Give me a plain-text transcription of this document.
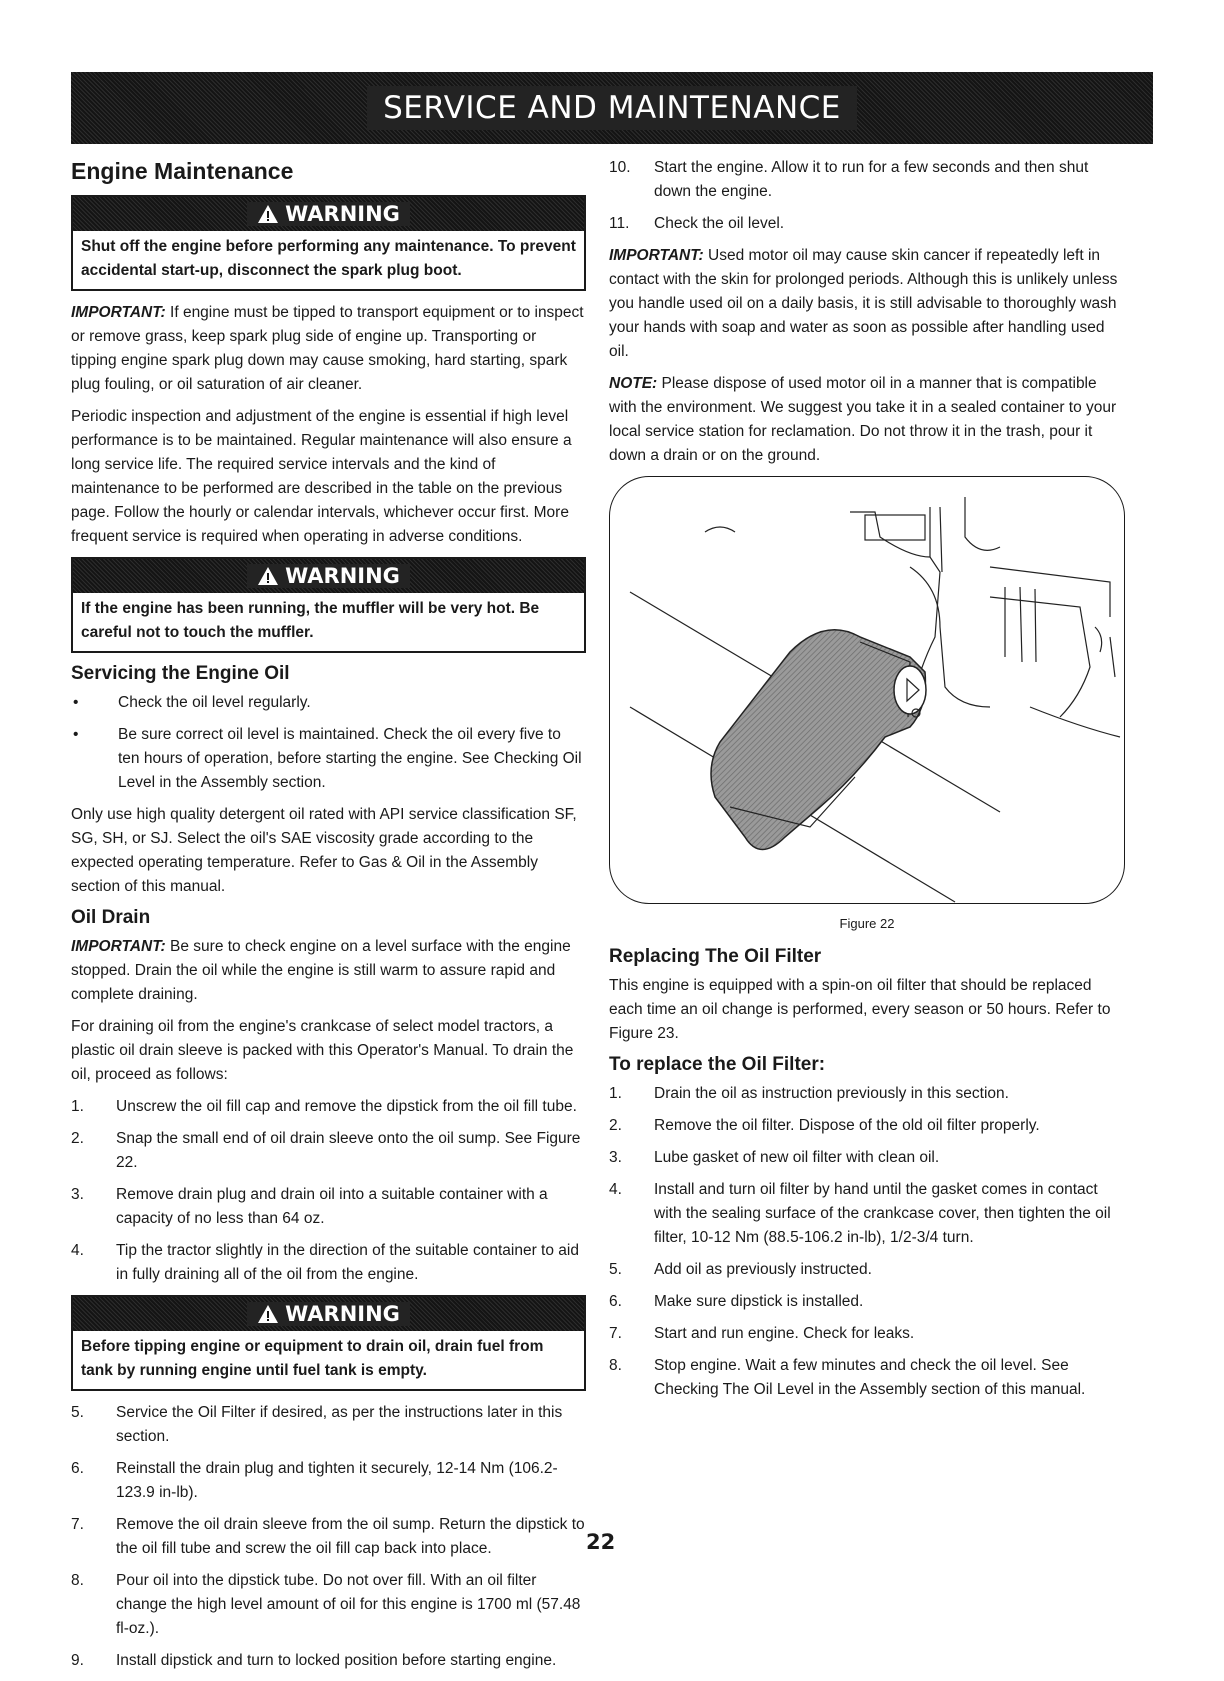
SERVICE AND MAINTENANCE
Engine Maintenance
WARNING
Shut off the engine before performing any maintenance. To prevent accidental start-up, disconnect the spark plug boot.

IMPORTANT: If engine must be tipped to transport equipment or to inspect or remove grass, keep spark plug side of engine up. Transporting or tipping engine spark plug down may cause smoking, hard starting, spark plug fouling, or oil saturation of air cleaner.

Periodic inspection and adjustment of the engine is essential if high level performance is to be maintained. Regular maintenance will also ensure a long service life. The required service intervals and the kind of maintenance to be performed are described in the table on the previous page. Follow the hourly or calendar intervals, whichever occur first. More frequent service is required when operating in adverse conditions.

WARNING
If the engine has been running, the muffler will be very hot. Be careful not to touch the muffler.
Servicing the Engine Oil
•	Check the oil level regularly.
•	Be sure correct oil level is maintained. Check the oil every five to ten hours of operation, before starting the engine. See Checking Oil Level in the Assembly section.

Only use high quality detergent oil rated with API service classification SF, SG, SH, or SJ. Select the oil's SAE viscosity grade according to the expected operating temperature. Refer to Gas & Oil in the Assembly section of this manual.

Oil Drain

IMPORTANT: Be sure to check engine on a level surface with the engine stopped. Drain the oil while the engine is still warm to assure rapid and complete draining.

For draining oil from the engine's crankcase of select model tractors, a plastic oil drain sleeve is packed with this Operator's Manual. To drain the oil, proceed as follows:

1.	Unscrew the oil fill cap and remove the dipstick from the oil fill tube.
2.	Snap the small end of oil drain sleeve onto the oil sump. See Figure 22.
3.	Remove drain plug and drain oil into a suitable container with a capacity of no less than 64 oz.
4.	Tip the tractor slightly in the direction of the suitable container to aid in fully draining all of the oil from the engine.
WARNING
Before tipping engine or equipment to drain oil, drain fuel from tank by running engine until fuel tank is empty.
5.	Service the Oil Filter if desired, as per the instructions later in this section.
6.	Reinstall the drain plug and tighten it securely, 12-14 Nm (106.2-123.9 in-lb).
7.	Remove the oil drain sleeve from the oil sump. Return the dipstick to the oil fill tube and screw the oil fill cap back into place.
8.	Pour oil into the dipstick tube. Do not over fill. With an oil filter change the high level amount of oil for this engine is 1700 ml (57.48 fl-oz.).
9.	Install dipstick and turn to locked position before starting engine.
10.	Start the engine. Allow it to run for a few seconds and then shut down the engine.
11.	Check the oil level.

IMPORTANT: Used motor oil may cause skin cancer if repeatedly left in contact with the skin for prolonged periods. Although this is unlikely unless you handle used oil on a daily basis, it is still advisable to thoroughly wash your hands with soap and water as soon as possible after handling used oil.

NOTE: Please dispose of used motor oil in a manner that is compatible with the environment. We suggest you take it in a sealed container to your local service station for reclamation. Do not throw it in the trash, pour it down a drain or on the ground.

Figure 22

Replacing The Oil Filter

This engine is equipped with a spin-on oil filter that should be replaced each time an oil change is performed, every season or 50 hours. Refer to Figure 23.

To replace the Oil Filter:
1.	Drain the oil as instruction previously in this section.
2.	Remove the oil filter. Dispose of the old oil filter properly.
3.	Lube gasket of new oil filter with clean oil.
4.	Install and turn oil filter by hand until the gasket comes in contact with the sealing surface of the crankcase cover, then tighten the oil filter, 10-12 Nm (88.5-106.2 in-lb), 1/2-3/4 turn.
5.	Add oil as previously instructed.
6.	Make sure dipstick is installed.
7.	Start and run engine. Check for leaks.
8.	Stop engine. Wait a few minutes and check the oil level. See Checking The Oil Level in the Assembly section of this manual.
22
